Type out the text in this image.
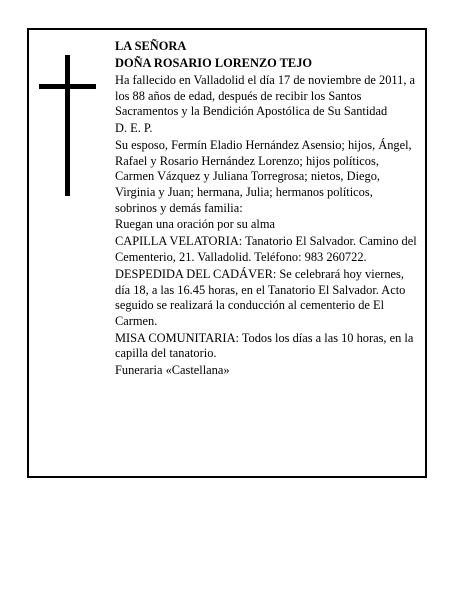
LA SEÑORA

DOÑA ROSARIO LORENZO TEJO

Ha fallecido en Valladolid el día 17 de noviembre de 2011, a los 88 años de edad, después de recibir los Santos Sacramentos y la Bendición Apostólica de Su Santidad

D. E. P.

Su esposo, Fermín Eladio Hernández Asensio; hijos, Ángel, Rafael y Rosario Hernández Lorenzo; hijos políticos, Carmen Vázquez y Juliana Torregrosa; nietos, Diego, Virginia y Juan; hermana, Julia; hermanos políticos, sobrinos y demás familia:

Ruegan una oración por su alma

CAPILLA VELATORIA: Tanatorio El Salvador. Camino del Cementerio, 21. Valladolid. Teléfono: 983 260722.

DESPEDIDA DEL CADÁVER: Se celebrará hoy viernes, día 18, a las 16.45 horas, en el Tanatorio El Salvador. Acto seguido se realizará la conducción al cementerio de El Carmen.

MISA COMUNITARIA: Todos los días a las 10 horas, en la capilla del tanatorio.

Funeraria «Castellana»
